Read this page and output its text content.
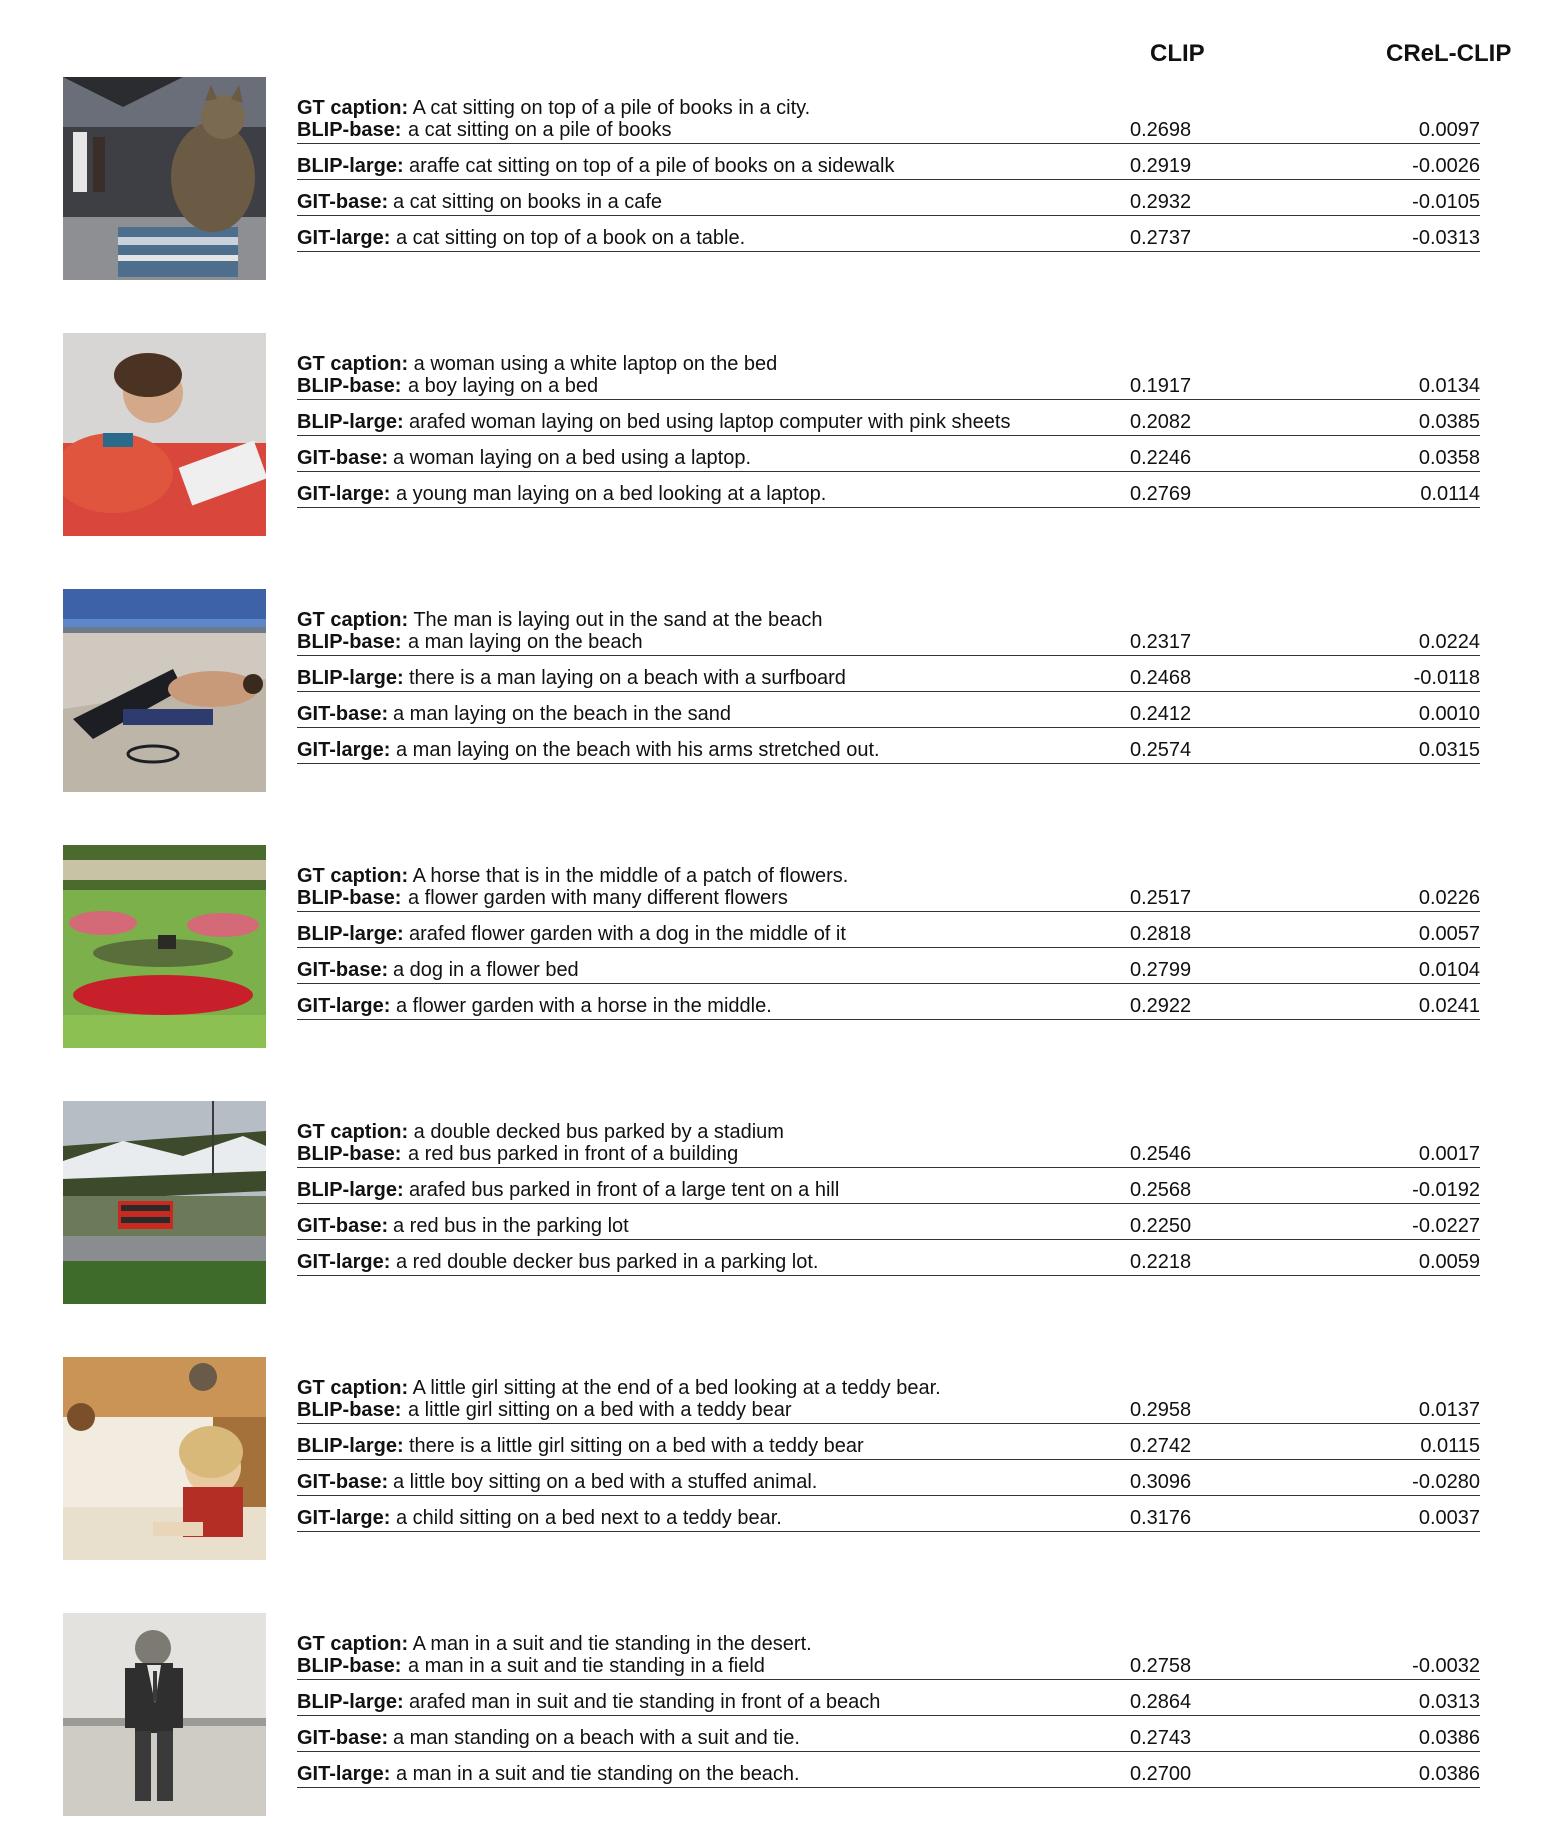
CLIP	CReL-CLIP
GT caption: A cat sitting on top of a pile of books in a city.
BLIP-base: a cat sitting on a pile of books	0.2698	0.0097
BLIP-large: araffe cat sitting on top of a pile of books on a sidewalk	0.2919	-0.0026
GIT-base: a cat sitting on books in a cafe	0.2932	-0.0105
GIT-large: a cat sitting on top of a book on a table.	0.2737	-0.0313
GT caption: a woman using a white laptop on the bed
BLIP-base: a boy laying on a bed	0.1917	0.0134
BLIP-large: arafed woman laying on bed using laptop computer with pink sheets	0.2082	0.0385
GIT-base: a woman laying on a bed using a laptop.	0.2246	0.0358
GIT-large: a young man laying on a bed looking at a laptop.	0.2769	0.0114
GT caption: The man is laying out in the sand at the beach
BLIP-base: a man laying on the beach	0.2317	0.0224
BLIP-large: there is a man laying on a beach with a surfboard	0.2468	-0.0118
GIT-base: a man laying on the beach in the sand	0.2412	0.0010
GIT-large: a man laying on the beach with his arms stretched out.	0.2574	0.0315
GT caption: A horse that is in the middle of a patch of flowers.
BLIP-base: a flower garden with many different flowers	0.2517	0.0226
BLIP-large: arafed flower garden with a dog in the middle of it	0.2818	0.0057
GIT-base: a dog in a flower bed	0.2799	0.0104
GIT-large: a flower garden with a horse in the middle.	0.2922	0.0241
GT caption: a double decked bus parked by a stadium
BLIP-base: a red bus parked in front of a building	0.2546	0.0017
BLIP-large: arafed bus parked in front of a large tent on a hill	0.2568	-0.0192
GIT-base: a red bus in the parking lot	0.2250	-0.0227
GIT-large: a red double decker bus parked in a parking lot.	0.2218	0.0059
GT caption: A little girl sitting at the end of a bed looking at a teddy bear.
BLIP-base: a little girl sitting on a bed with a teddy bear	0.2958	0.0137
BLIP-large: there is a little girl sitting on a bed with a teddy bear	0.2742	0.0115
GIT-base: a little boy sitting on a bed with a stuffed animal.	0.3096	-0.0280
GIT-large: a child sitting on a bed next to a teddy bear.	0.3176	0.0037
GT caption: A man in a suit and tie standing in the desert.
BLIP-base: a man in a suit and tie standing in a field	0.2758	-0.0032
BLIP-large: arafed man in suit and tie standing in front of a beach	0.2864	0.0313
GIT-base: a man standing on a beach with a suit and tie.	0.2743	0.0386
GIT-large: a man in a suit and tie standing on the beach.	0.2700	0.0386
